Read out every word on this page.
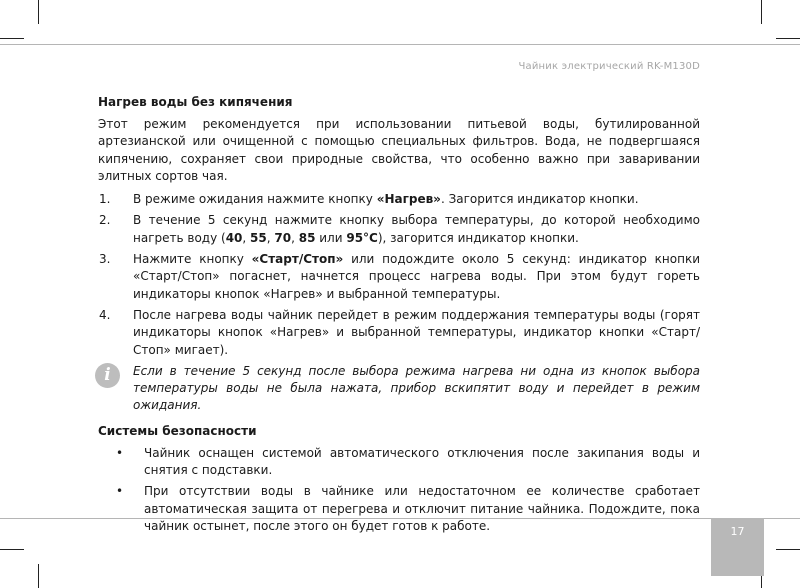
Чайник электрический RK-M130D
Нагрев воды без кипячения
Этот режим рекомендуется при использовании питьевой воды, бутилированной артезианской или очищенной с помощью специальных фильтров. Вода, не подвергшаяся кипячению, сохраняет свои природные свойства, что особенно важно при заваривании элитных сортов чая.
1. В режиме ожидания нажмите кнопку «Нагрев». Загорится индикатор кнопки.
2. В течение 5 секунд нажмите кнопку выбора температуры, до которой необходимо нагреть воду (40, 55, 70, 85 или 95°С), загорится индикатор кнопки.
3. Нажмите кнопку «Старт/Стоп» или подождите около 5 секунд: индикатор кнопки «Старт/Стоп» погаснет, начнется процесс нагрева воды. При этом будут гореть индикаторы кнопок «Нагрев» и выбранной температуры.
4. После нагрева воды чайник перейдет в режим поддержания температуры воды (горят индикаторы кнопок «Нагрев» и выбранной температуры, индикатор кнопки «Старт/Стоп» мигает).
i	Если в течение 5 секунд после выбора режима нагрева ни одна из кнопок выбора температуры воды не была нажата, прибор вскипятит воду и перейдет в режим ожидания.
Системы безопасности
• Чайник оснащен системой автоматического отключения после закипания воды и снятия с подставки.
• При отсутствии воды в чайнике или недостаточном ее количестве сработает автоматическая защита от перегрева и отключит питание чайника. Подождите, пока чайник остынет, после этого он будет готов к работе.	17
